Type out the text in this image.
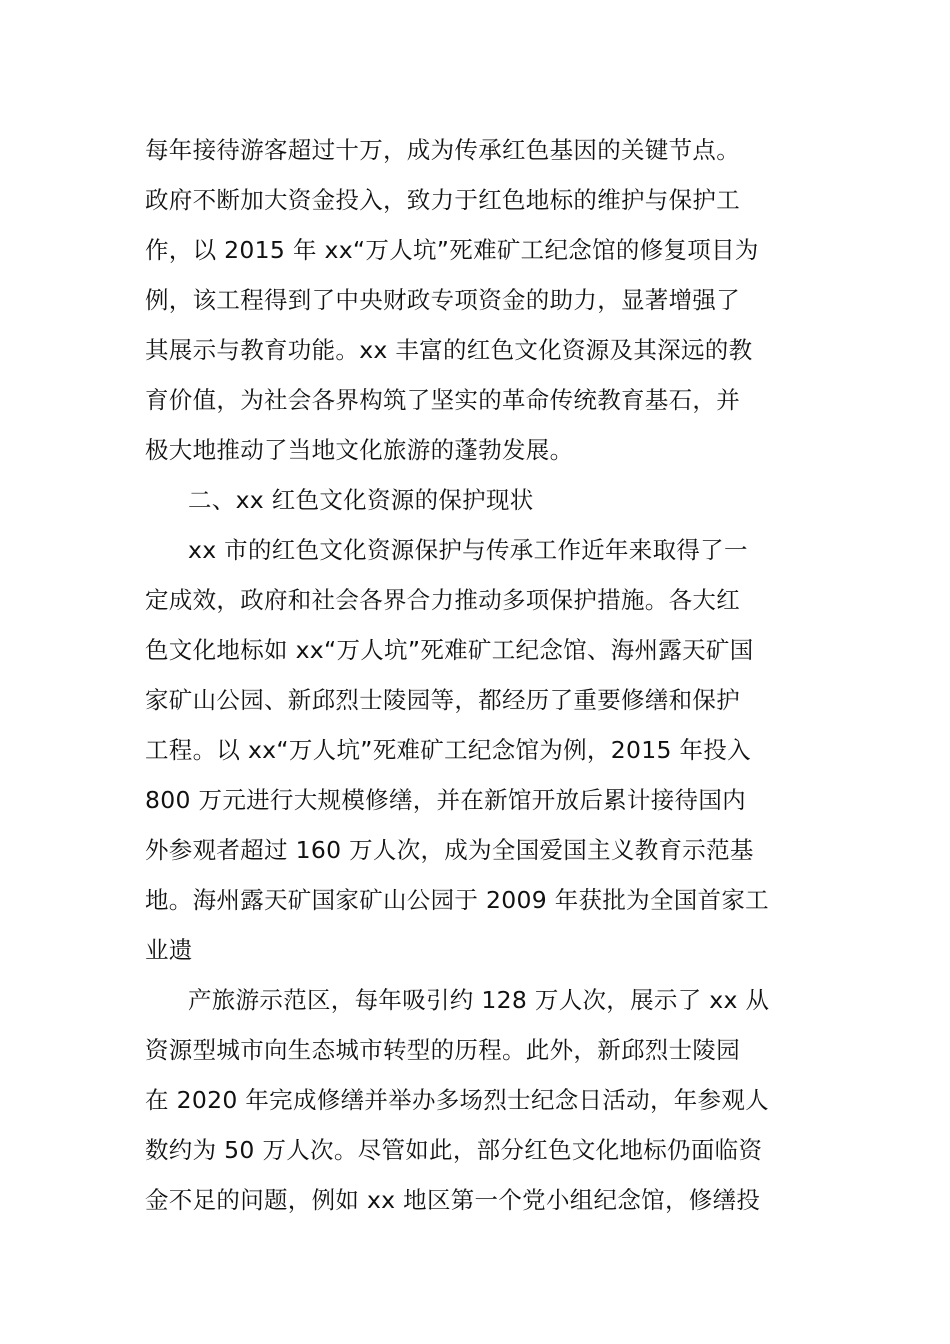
每年接待游客超过十万，成为传承红色基因的关键节点。
政府不断加大资金投入，致力于红色地标的维护与保护工
作，以 2015 年 xx“万人坑”死难矿工纪念馆的修复项目为
例，该工程得到了中央财政专项资金的助力，显著增强了
其展示与教育功能。xx 丰富的红色文化资源及其深远的教
育价值，为社会各界构筑了坚实的革命传统教育基石，并
极大地推动了当地文化旅游的蓬勃发展。
二、xx 红色文化资源的保护现状
xx 市的红色文化资源保护与传承工作近年来取得了一
定成效，政府和社会各界合力推动多项保护措施。各大红
色文化地标如 xx“万人坑”死难矿工纪念馆、海州露天矿国
家矿山公园、新邱烈士陵园等，都经历了重要修缮和保护
工程。以 xx“万人坑”死难矿工纪念馆为例，2015 年投入
800 万元进行大规模修缮，并在新馆开放后累计接待国内
外参观者超过 160 万人次，成为全国爱国主义教育示范基
地。海州露天矿国家矿山公园于 2009 年获批为全国首家工
业遗
产旅游示范区，每年吸引约 128 万人次，展示了 xx 从
资源型城市向生态城市转型的历程。此外，新邱烈士陵园
在 2020 年完成修缮并举办多场烈士纪念日活动，年参观人
数约为 50 万人次。尽管如此，部分红色文化地标仍面临资
金不足的问题，例如 xx 地区第一个党小组纪念馆，修缮投
